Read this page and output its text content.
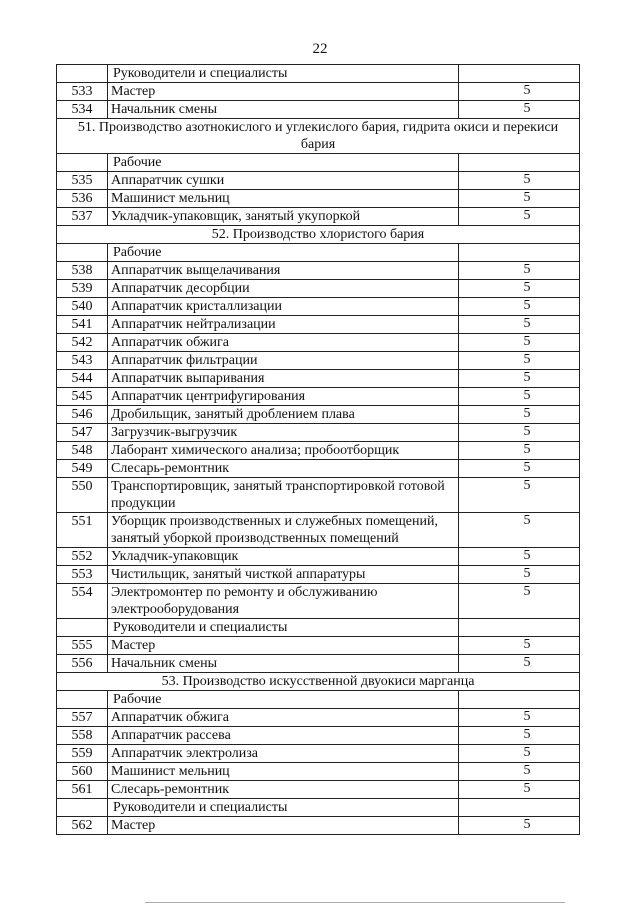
22
	Руководители и специалисты	
533	Мастер	5
534	Начальник смены	5
51. Производство азотнокислого и углекислого бария, гидрита окиси и перекиси бария		
	Рабочие	
535	Аппаратчик сушки	5
536	Машинист мельниц	5
537	Укладчик-упаковщик, занятый укупоркой	5
52. Производство хлористого бария		
	Рабочие	
538	Аппаратчик выщелачивания	5
539	Аппаратчик десорбции	5
540	Аппаратчик кристаллизации	5
541	Аппаратчик нейтрализации	5
542	Аппаратчик обжига	5
543	Аппаратчик фильтрации	5
544	Аппаратчик выпаривания	5
545	Аппаратчик центрифугирования	5
546	Дробильщик, занятый дроблением плава	5
547	Загрузчик-выгрузчик	5
548	Лаборант химического анализа; пробоотборщик	5
549	Слесарь-ремонтник	5
550	Транспортировщик, занятый транспортировкой готовой продукции	5
551	Уборщик производственных и служебных помещений, занятый уборкой производственных помещений	5
552	Укладчик-упаковщик	5
553	Чистильщик, занятый чисткой аппаратуры	5
554	Электромонтер по ремонту и обслуживанию электрооборудования	5
	Руководители и специалисты	
555	Мастер	5
556	Начальник смены	5
53. Производство искусственной двуокиси марганца		
	Рабочие	
557	Аппаратчик обжига	5
558	Аппаратчик рассева	5
559	Аппаратчик электролиза	5
560	Машинист мельниц	5
561	Слесарь-ремонтник	5
	Руководители и специалисты	
562	Мастер	5
